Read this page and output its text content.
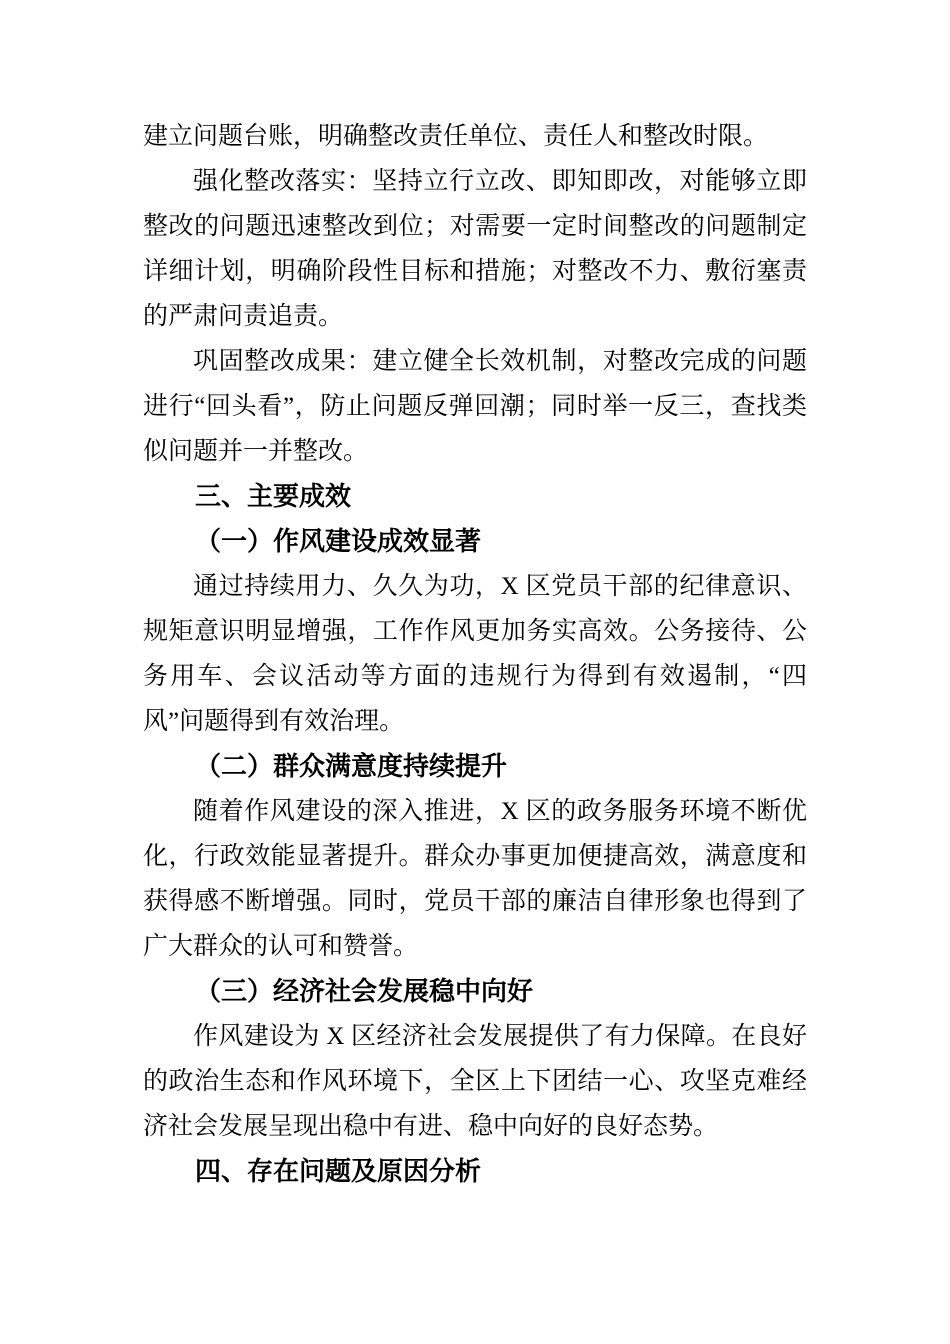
建立问题台账，明确整改责任单位、责任人和整改时限。

强化整改落实：坚持立行立改、即知即改，对能够立即整改的问题迅速整改到位；对需要一定时间整改的问题制定详细计划，明确阶段性目标和措施；对整改不力、敷衍塞责的严肃问责追责。

巩固整改成果：建立健全长效机制，对整改完成的问题进行“回头看”，防止问题反弹回潮；同时举一反三，查找类似问题并一并整改。

三、主要成效
（一）作风建设成效显著

通过持续用力、久久为功，X 区党员干部的纪律意识、规矩意识明显增强，工作作风更加务实高效。公务接待、公务用车、会议活动等方面的违规行为得到有效遏制，“四风”问题得到有效治理。

（二）群众满意度持续提升

随着作风建设的深入推进，X 区的政务服务环境不断优化，行政效能显著提升。群众办事更加便捷高效，满意度和获得感不断增强。同时，党员干部的廉洁自律形象也得到了广大群众的认可和赞誉。

（三）经济社会发展稳中向好

作风建设为 X 区经济社会发展提供了有力保障。在良好的政治生态和作风环境下，全区上下团结一心、攻坚克难经济社会发展呈现出稳中有进、稳中向好的良好态势。

四、存在问题及原因分析
